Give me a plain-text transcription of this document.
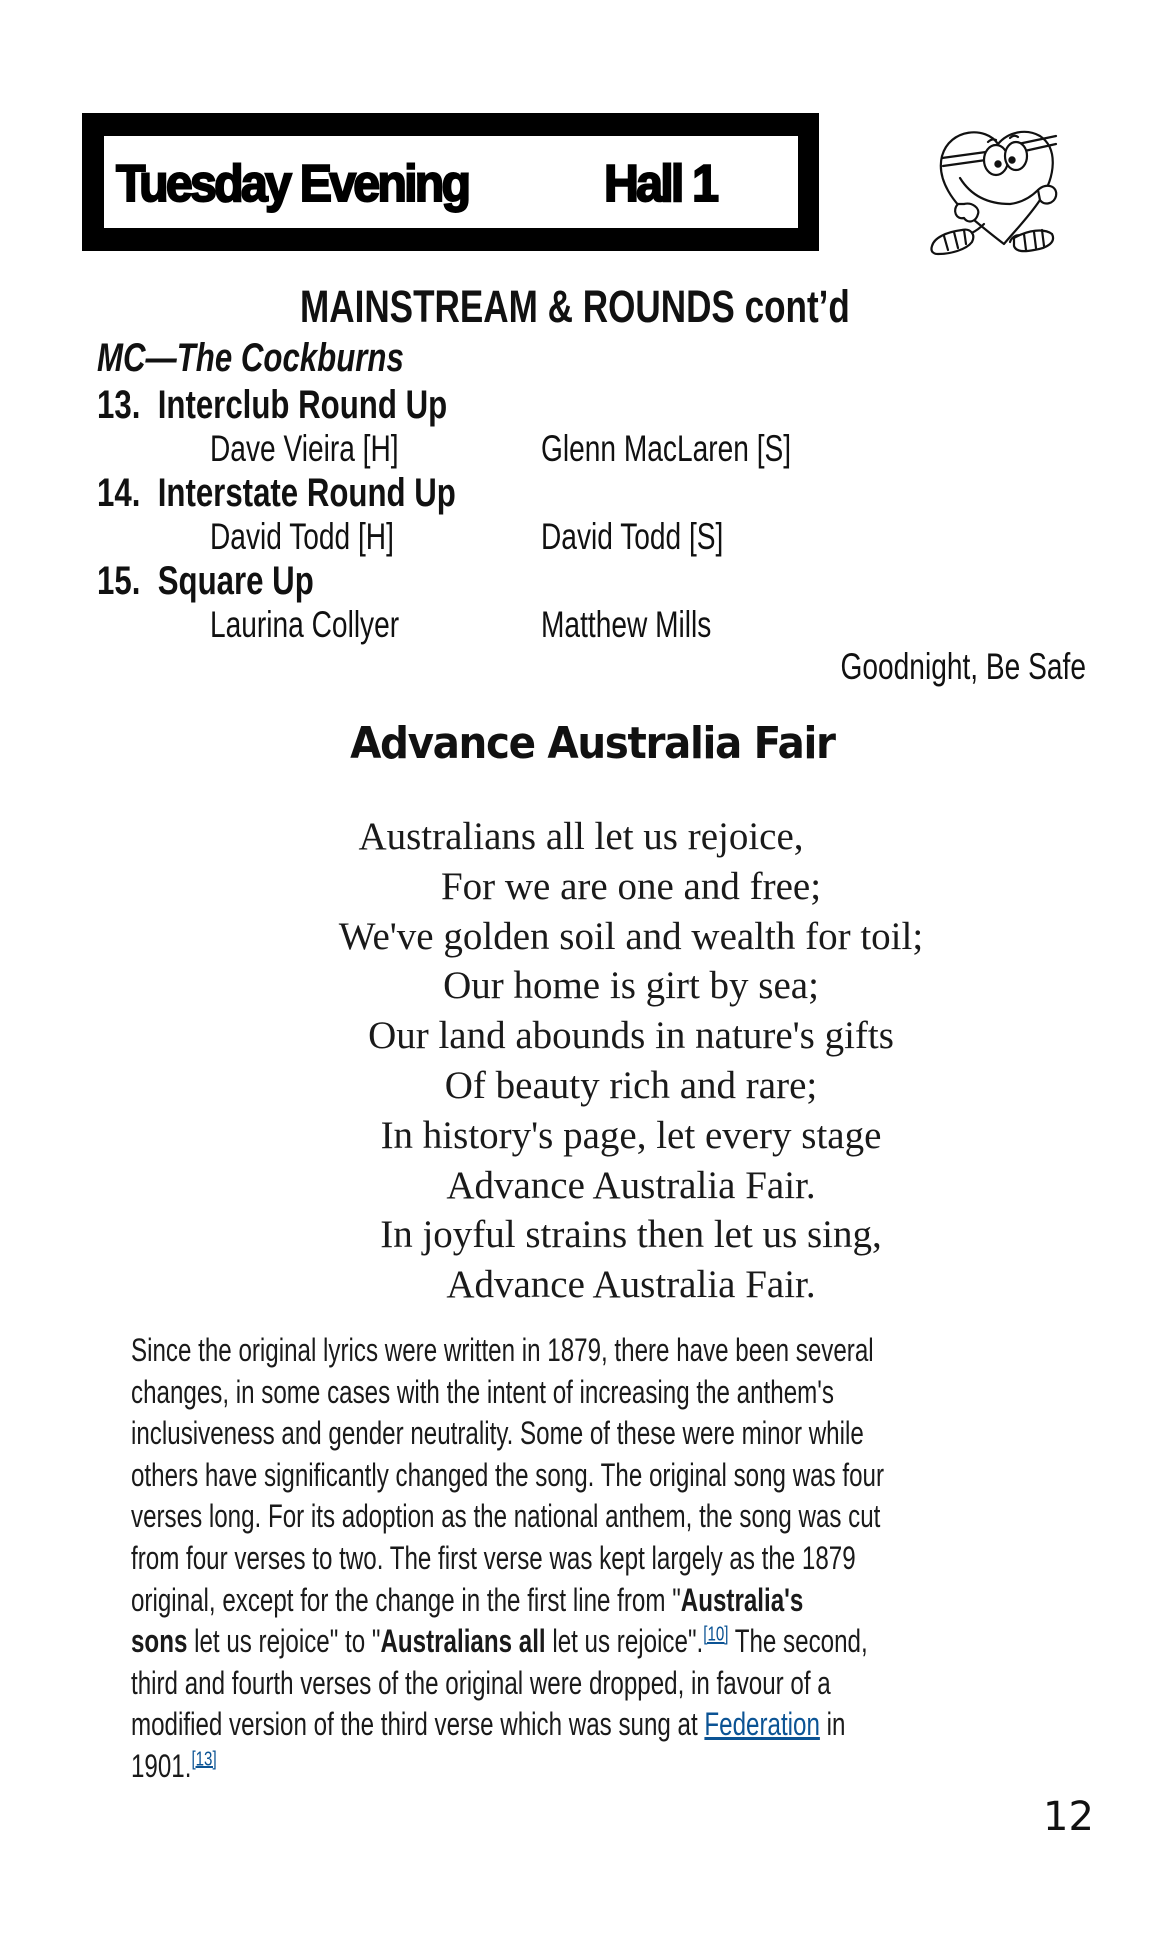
Tuesday Evening	Hall 1
MAINSTREAM & ROUNDS cont’d
MC—The Cockburns
13. Interclub Round Up
Dave Vieira [H]	Glenn MacLaren [S]
14. Interstate Round Up
David Todd [H]	David Todd [S]
15. Square Up
Laurina Collyer	Matthew Mills
Goodnight, Be Safe
Advance Australia Fair
Australians all let us rejoice,
For we are one and free;
We've golden soil and wealth for toil;
Our home is girt by sea;
Our land abounds in nature's gifts
Of beauty rich and rare;
In history's page, let every stage
Advance Australia Fair.
In joyful strains then let us sing,
Advance Australia Fair.
Since the original lyrics were written in 1879, there have been several
changes, in some cases with the intent of increasing the anthem's
inclusiveness and gender neutrality. Some of these were minor while
others have significantly changed the song. The original song was four
verses long. For its adoption as the national anthem, the song was cut
from four verses to two. The first verse was kept largely as the 1879
original, except for the change in the first line from "Australia's
sons let us rejoice" to "Australians all let us rejoice".[10] The second,
third and fourth verses of the original were dropped, in favour of a
modified version of the third verse which was sung at Federation in
1901.[13]
12
